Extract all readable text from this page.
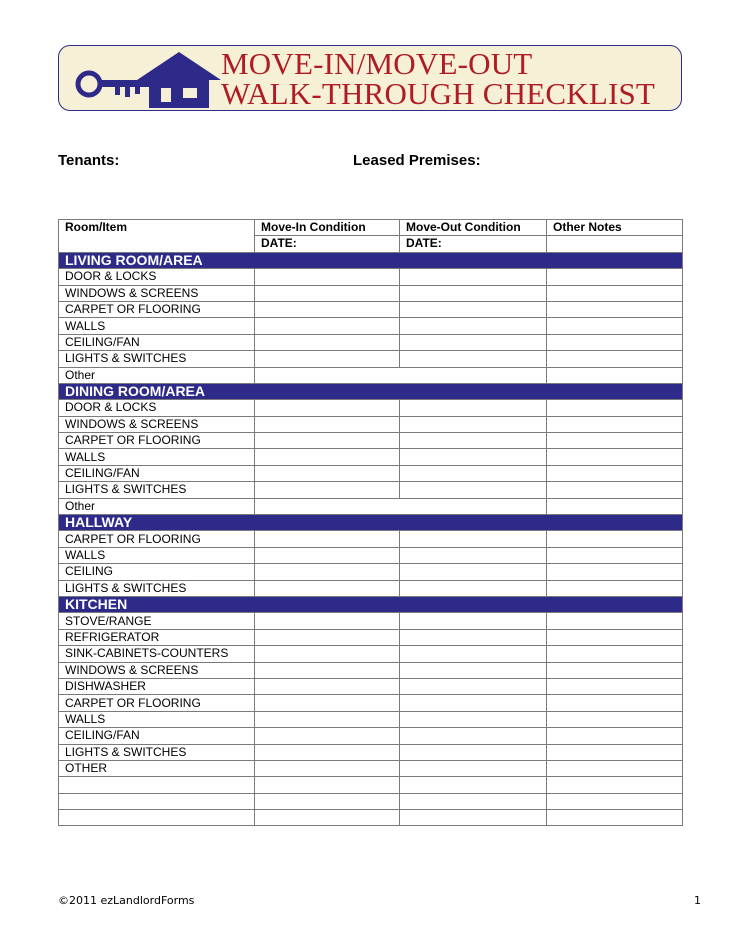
MOVE-IN/MOVE-OUT
WALK-THROUGH CHECKLIST
Tenants:	Leased Premises:
Room/Item	Move-In Condition	Move-Out Condition	Other Notes
	DATE:	DATE:	
LIVING ROOM/AREA			
DOOR & LOCKS			
WINDOWS & SCREENS			
CARPET OR FLOORING			
WALLS			
CEILING/FAN			
LIGHTS & SWITCHES			
Other			
DINING ROOM/AREA			
DOOR & LOCKS			
WINDOWS & SCREENS			
CARPET OR FLOORING			
WALLS			
CEILING/FAN			
LIGHTS & SWITCHES			
Other			
HALLWAY			
CARPET OR FLOORING			
WALLS			
CEILING			
LIGHTS & SWITCHES			
KITCHEN			
STOVE/RANGE			
REFRIGERATOR			
SINK-CABINETS-COUNTERS			
WINDOWS & SCREENS			
DISHWASHER			
CARPET OR FLOORING			
WALLS			
CEILING/FAN			
LIGHTS & SWITCHES			
OTHER			

©2011 ezLandlordForms	1
